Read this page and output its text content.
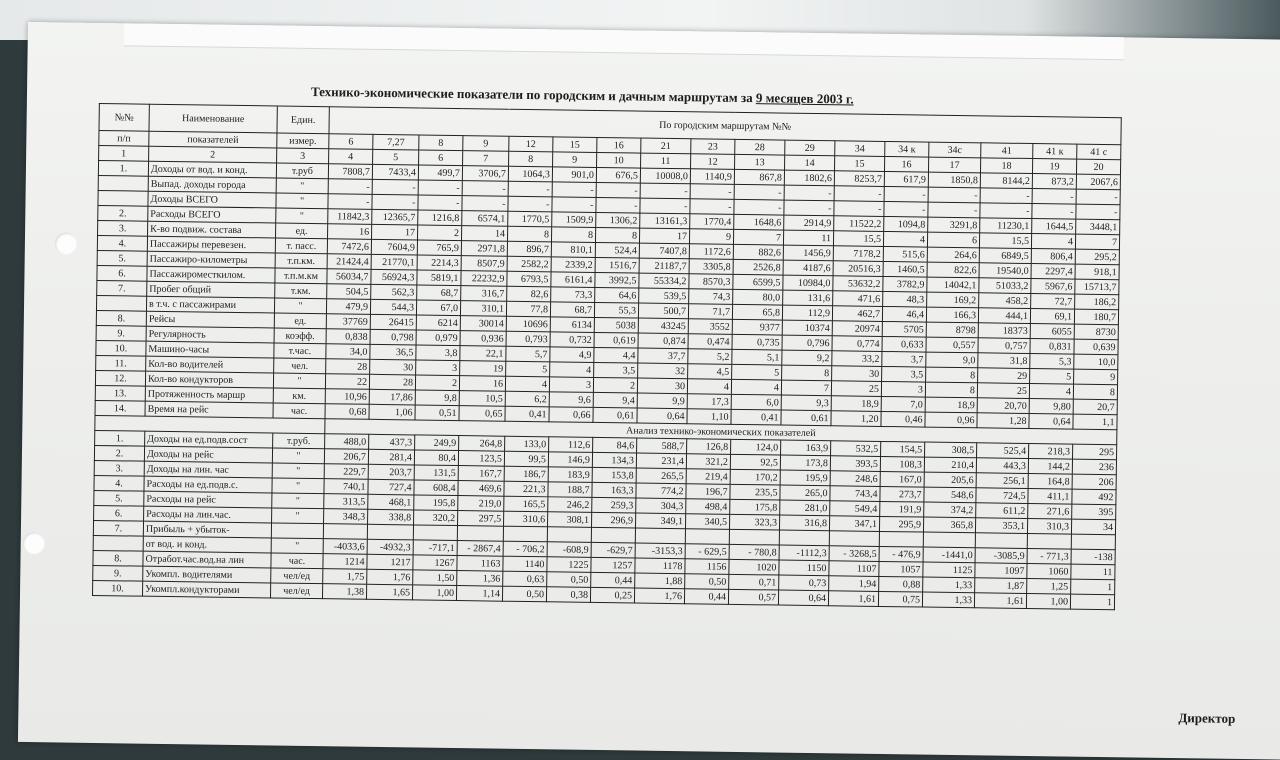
Технико-экономические показатели по городским и дачным маршрутам за 9 месяцев 2003 г.
№№	Наименование	Един.	По городским маршрутам №№																
п/п	показателей	измер.	6	7,27	8	9	12	15	16	21	23	28	29	34	34 к	34с	41	41 к	41 с
1	2	3	4	5	6	7	8	9	10	11	12	13	14	15	16	17	18	19	20
1.	Доходы от вод. и конд.	т.руб	7808,7	7433,4	499,7	3706,7	1064,3	901,0	676,5	10008,0	1140,9	867,8	1802,6	8253,7	617,9	1850,8	8144,2	873,2	2067,6
	Выпад. доходы города	"	-	-	-	-	-	-	-	-	-	-	-	-	-	-	-	-	-
	Доходы ВСЕГО	"	-	-	-	-	-	-	-	-	-	-	-	-	-	-	-	-	-
2.	Расходы ВСЕГО	"	11842,3	12365,7	1216,8	6574,1	1770,5	1509,9	1306,2	13161,3	1770,4	1648,6	2914,9	11522,2	1094,8	3291,8	11230,1	1644,5	3448,1
3.	К-во подвиж. состава	ед.	16	17	2	14	8	8	8	17	9	7	11	15,5	4	6	15,5	4	7
4.	Пассажиры перевезен.	т. пасс.	7472,6	7604,9	765,9	2971,8	896,7	810,1	524,4	7407,8	1172,6	882,6	1456,9	7178,2	515,6	264,6	6849,5	806,4	295,2
5.	Пассажиро-километры	т.п.км.	21424,4	21770,1	2214,3	8507,9	2582,2	2339,2	1516,7	21187,7	3305,8	2526,8	4187,6	20516,3	1460,5	822,6	19540,0	2297,4	918,1
6.	Пассажироместкилом.	т.п.м.км	56034,7	56924,3	5819,1	22232,9	6793,5	6161,4	3992,5	55334,2	8570,3	6599,5	10984,0	53632,2	3782,9	14042,1	51033,2	5967,6	15713,7
7.	Пробег общий	т.км.	504,5	562,3	68,7	316,7	82,6	73,3	64,6	539,5	74,3	80,0	131,6	471,6	48,3	169,2	458,2	72,7	186,2
	в т.ч. с пассажирами	"	479,9	544,3	67,0	310,1	77,8	68,7	55,3	500,7	71,7	65,8	112,9	462,7	46,4	166,3	444,1	69,1	180,7
8.	Рейсы	ед.	37769	26415	6214	30014	10696	6134	5038	43245	3552	9377	10374	20974	5705	8798	18373	6055	8730
9.	Регулярность	коэфф.	0,838	0,798	0,979	0,936	0,793	0,732	0,619	0,874	0,474	0,735	0,796	0,774	0,633	0,557	0,757	0,831	0,639
10.	Машино-часы	т.час.	34,0	36,5	3,8	22,1	5,7	4,9	4,4	37,7	5,2	5,1	9,2	33,2	3,7	9,0	31,8	5,3	10,0
11.	Кол-во водителей	чел.	28	30	3	19	5	4	3,5	32	4,5	5	8	30	3,5	8	29	5	9
12.	Кол-во кондукторов	"	22	28	2	16	4	3	2	30	4	4	7	25	3	8	25	4	8
13.	Протяженность маршр	км.	10,96	17,86	9,8	10,5	6,2	9,6	9,4	9,9	17,3	6,0	9,3	18,9	7,0	18,9	20,70	9,80	20,7
14.	Время на рейс	час.	0,68	1,06	0,51	0,65	0,41	0,66	0,61	0,64	1,10	0,41	0,61	1,20	0,46	0,96	1,28	0,64	1,1
			Анализ технико-экономических показателей																
1.	Доходы на ед.подв.сост	т.руб.	488,0	437,3	249,9	264,8	133,0	112,6	84,6	588,7	126,8	124,0	163,9	532,5	154,5	308,5	525,4	218,3	295
2.	Доходы на рейс	"	206,7	281,4	80,4	123,5	99,5	146,9	134,3	231,4	321,2	92,5	173,8	393,5	108,3	210,4	443,3	144,2	236
3.	Доходы на лин. час	"	229,7	203,7	131,5	167,7	186,7	183,9	153,8	265,5	219,4	170,2	195,9	248,6	167,0	205,6	256,1	164,8	206
4.	Расходы на ед.подв.с.	"	740,1	727,4	608,4	469,6	221,3	188,7	163,3	774,2	196,7	235,5	265,0	743,4	273,7	548,6	724,5	411,1	492
5.	Расходы на рейс	"	313,5	468,1	195,8	219,0	165,5	246,2	259,3	304,3	498,4	175,8	281,0	549,4	191,9	374,2	611,2	271,6	395
6.	Расходы на лин.час.	"	348,3	338,8	320,2	297,5	310,6	308,1	296,9	349,1	340,5	323,3	316,8	347,1	295,9	365,8	353,1	310,3	34
7.	Прибыль + убыток-																		
	от вод. и конд.	"	-4033,6	-4932,3	-717,1	- 2867,4	- 706,2	-608,9	-629,7	-3153,3	- 629,5	- 780,8	-1112,3	- 3268,5	- 476,9	-1441,0	-3085,9	- 771,3	-138
8.	Отработ.час.вод.на лин	час.	1214	1217	1267	1163	1140	1225	1257	1178	1156	1020	1150	1107	1057	1125	1097	1060	11
9.	Укомпл. водителями	чел/ед	1,75	1,76	1,50	1,36	0,63	0,50	0,44	1,88	0,50	0,71	0,73	1,94	0,88	1,33	1,87	1,25	1
10.	Укомпл.кондукторами	чел/ед	1,38	1,65	1,00	1,14	0,50	0,38	0,25	1,76	0,44	0,57	0,64	1,61	0,75	1,33	1,61	1,00	1
Директор
